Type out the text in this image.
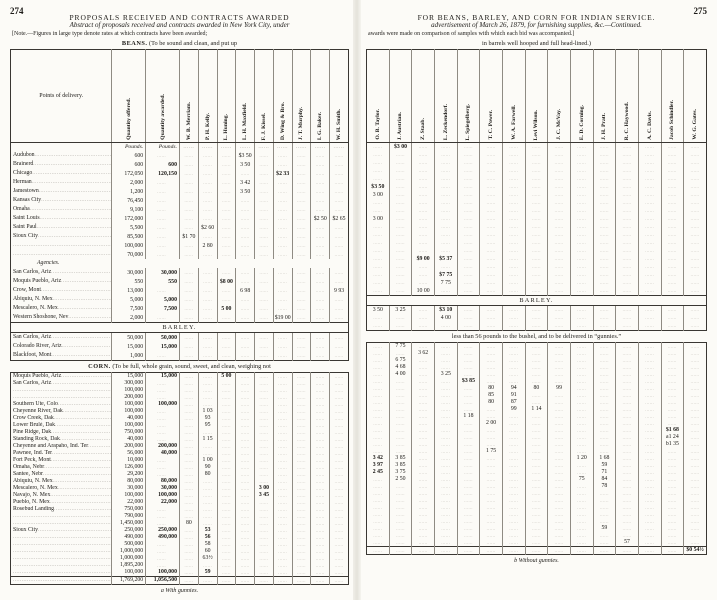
274
PROPOSALS RECEIVED AND CONTRACTS AWARDED
Abstract of proposals received and contracts awarded in New York City, under
[Note.—Figures in large type denote rates at which contracts have been awarded;
BEANS. (To be sound and clean, and put up
Points of delivery.	Quantity offered.	Quantity awarded.	W. B. Merriam.	P. H. Kelly.	L. Huning.	L. H. Maxfield.	F. J. Kissel.	D. Wing & Bro.	J. T. Murphy.	I. G. Baker.	W. H. Smith.

	Pounds.	Pounds.	......	......	......	......	......	......	......	......	......
Audubon .....	600	......	......	......	......	$3 50	......	......	......	......	......
Brainerd .....	600	600	......	......	......	3 50	......	......	......	......	......
Chicago .....	172,050	120,150	......	......	......	......	......	$2 33	......	......	......
Herman .....	2,000	......	......	......	......	3 42	......	......	......	......	......
Jamestown .....	1,200	......	......	......	......	3 50	......	......	......	......	......
Kansas City .....	76,450	......	......	......	......	......	......	......	......	......	......
Omaha .....	9,100	......	......	......	......	......	......	......	......	......	......
Saint Louis .....	172,000	......	......	......	......	......	......	......	......	$2 50	$2 65
Saint Paul .....	5,500	......	......	$2 60	......	......	......	......	......	......	......
Sioux City .....	85,500	......	$1 70	......	......	......	......	......	......	......	......
.....	100,000	......	......	2 80	......	......	......	......	......	......	......
.....	70,000	......	......	......	......	......	......	......	......	......	......
Agencies.											
San Carlos, Ariz .....	30,000	30,000	......	......	......	......	......	......	......	......	......
Moquis Pueblo, Ariz .....	550	550	......	......	$8 00	......	......	......	......	......	......
Crow, Mont .....	13,000	......	......	......	......	6 98	......	......	......	......	9 93
Abiquiu, N. Mex .....	5,000	5,000	......	......	......	......	......	......	......	......	......
Mescalero, N. Mex .....	7,500	7,500	......	......	5 00	......	......	......	......	......	......
Western Shoshone, Nev .....	2,000	......	......	......	......	......	......	$19 00	......	......	......
BARLEY.											
San Carlos, Ariz .....	50,000	50,000	......	......	......	......	......	......	......	......	......
Colorado River, Ariz .....	15,000	15,000	......	......	......	......	......	......	......	......	......
Blackfoot, Mont .....	1,000	......	......	......	......	......	......	......	......	......	......
CORN. (To be full, whole grain, sound, sweet, and clean, weighing not
Moquis Pueblo, Ariz .....	15,000	15,000	......	......	5 00	......	......	......	......	......	......
San Carlos, Ariz .....	300,000	......	......	......	......	......	......	......	......	......	......
.....	100,000	......	......	......	......	......	......	......	......	......	......
.....	200,000	......	......	......	......	......	......	......	......	......	......
Southern Ute, Colo .....	100,000	100,000	......	......	......	......	......	......	......	......	......
Cheyenne River, Dak .....	100,000	......	......	1 03	......	......	......	......	......	......	......
Crow Creek, Dak .....	40,000	......	......	93	......	......	......	......	......	......	......
Lower Brulé, Dak .....	100,000	......	......	95	......	......	......	......	......	......	......
Pine Ridge, Dak .....	750,000	......	......	......	......	......	......	......	......	......	......
Standing Rock, Dak .....	40,000	......	......	1 15	......	......	......	......	......	......	......
Cheyenne and Arapaho, Ind. Ter .....	200,000	200,000	......	......	......	......	......	......	......	......	......
Pawnee, Ind. Ter .....	56,000	40,000	......	......	......	......	......	......	......	......	......
Fort Peck, Mont .....	10,000	......	......	1 00	......	......	......	......	......	......	......
Omaha, Nebr .....	126,000	......	......	90	......	......	......	......	......	......	......
Santee, Nebr .....	29,200	......	......	80	......	......	......	......	......	......	......
Abiquiu, N. Mex .....	80,000	80,000	......	......	......	......	......	......	......	......	......
Mescalero, N. Mex .....	30,000	30,000	......	......	......	......	3 00	......	......	......	......
Navajo, N. Mex .....	100,000	100,000	......	......	......	......	3 45	......	......	......	......
Pueblo, N. Mex .....	22,000	22,000	......	......	......	......	......	......	......	......	......
Rosebud Landing .....	750,000	......	......	......	......	......	......	......	......	......	......
.....	790,000	......	......	......	......	......	......	......	......	......	......
.....	1,450,000	......	80	......	......	......	......	......	......	......	......
Sioux City .....	250,000	250,000	......	53	......	......	......	......	......	......	......
.....	490,000	490,000	......	56	......	......	......	......	......	......	......
.....	500,000	......	......	58	......	......	......	......	......	......	......
.....	1,000,000	......	......	60	......	......	......	......	......	......	......
.....	1,000,000	......	......	63½	......	......	......	......	......	......	......
.....	1,895,200	......	......	......	......	......	......	......	......	......	......
.....	100,000	100,000	......	59	......	......	......	......	......	......	......
.....	1,769,200	1,056,500	......	......	......	......	......	......	......	......	......
a With gunnies.
FOR BEANS, BARLEY, AND CORN FOR INDIAN SERVICE.
275
advertisement of March 26, 1879, for furnishing supplies, &c.—Continued.
awards were made on comparison of samples with which each bid was accompanied.]
in barrels well hooped and full head-lined.)
O. B. Taylor.	J. Austrian.	Z. Staab.	L. Zeckendorf.	L. Spiegelberg.	T. C. Power.	W. A. Farwell.	Levi Wilson.	J. C. McVay.	E. D. Corning.	J. H. Pratt.	R. C. Haywood.	A. C. Davis.	Jacob Schindler.	W. G. Gates.

......	$3 00	......	......	......	......	......	......	......	......	......	......	......	......	......
......	......	......	......	......	......	......	......	......	......	......	......	......	......	......
......	......	......	......	......	......	......	......	......	......	......	......	......	......	......
......	......	......	......	......	......	......	......	......	......	......	......	......	......	......
......	......	......	......	......	......	......	......	......	......	......	......	......	......	......
$3 50	......	......	......	......	......	......	......	......	......	......	......	......	......	......
3 00	......	......	......	......	......	......	......	......	......	......	......	......	......	......
......	......	......	......	......	......	......	......	......	......	......	......	......	......	......
......	......	......	......	......	......	......	......	......	......	......	......	......	......	......
3 00	......	......	......	......	......	......	......	......	......	......	......	......	......	......
......	......	......	......	......	......	......	......	......	......	......	......	......	......	......
......	......	......	......	......	......	......	......	......	......	......	......	......	......	......
......	......	......	......	......	......	......	......	......	......	......	......	......	......	......
......	......	......	......	......	......	......	......	......	......	......	......	......	......	......
......	......	$9 00	$5 37	......	......	......	......	......	......	......	......	......	......	......
......	......	......	......	......	......	......	......	......	......	......	......	......	......	......
......	......	......	$7 75	......	......	......	......	......	......	......	......	......	......	......
......	......	......	7 75	......	......	......	......	......	......	......	......	......	......	......
......	......	10 00	......	......	......	......	......	......	......	......	......	......	......	......
BARLEY.														
3 50	3 25	......	$3 10	......	......	......	......	......	......	......	......	......	......	......
......	......	......	4 00	......	......	......	......	......	......	......	......	......	......	......
......	......	......	......	......	......	......	......	......	......	......	......	......	......	......
less than 56 pounds to the bushel, and to be delivered in “gunnies.”
......	7 75	......	......	......	......	......	......	......	......	......	......	......	......	......
......	......	3 62	......	......	......	......	......	......	......	......	......	......	......	......
......	6 75	......	......	......	......	......	......	......	......	......	......	......	......	......
......	4 68	......	......	......	......	......	......	......	......	......	......	......	......	......
......	4 00	......	3 25	......	......	......	......	......	......	......	......	......	......	......
......	......	......	......	$3 85	......	......	......	......	......	......	......	......	......	......
......	......	......	......	......	80	94	80	99	......	......	......	......	......	......
......	......	......	......	......	85	91	......	......	......	......	......	......	......	......
......	......	......	......	......	80	87	......	......	......	......	......	......	......	......
......	......	......	......	......	......	99	1 14	......	......	......	......	......	......	......
......	......	......	......	1 18	......	......	......	......	......	......	......	......	......	......
......	......	......	......	......	2 00	......	......	......	......	......	......	......	......	......
......	......	......	......	......	......	......	......	......	......	......	......	......	$1 68	......
......	......	......	......	......	......	......	......	......	......	......	......	......	a1 24	......
......	......	......	......	......	......	......	......	......	......	......	......	......	b1 35	......
......	......	......	......	......	1 75	......	......	......	......	......	......	......	......	......
3 42	3 85	......	......	......	......	......	......	......	1 20	1 68	......	......	......	......
3 97	3 85	......	......	......	......	......	......	......	......	59	......	......	......	......
2 45	3 75	......	......	......	......	......	......	......	......	71	......	......	......	......
......	2 50	......	......	......	......	......	......	......	75	84	......	......	......	......
......	......	......	......	......	......	......	......	......	......	78	......	......	......	......
......	......	......	......	......	......	......	......	......	......	......	......	......	......	......
......	......	......	......	......	......	......	......	......	......	......	......	......	......	......
......	......	......	......	......	......	......	......	......	......	......	......	......	......	......
......	......	......	......	......	......	......	......	......	......	......	......	......	......	......
......	......	......	......	......	......	......	......	......	......	......	......	......	......	......
......	......	......	......	......	......	......	......	......	......	59	......	......	......	......
......	......	......	......	......	......	......	......	......	......	......	......	......	......	......
......	......	......	......	......	......	......	......	......	......	......	57	......	......	......
......	......	......	......	......	......	......	......	......	......	......	......	......	......	$0 54½
b Without gunnies.
